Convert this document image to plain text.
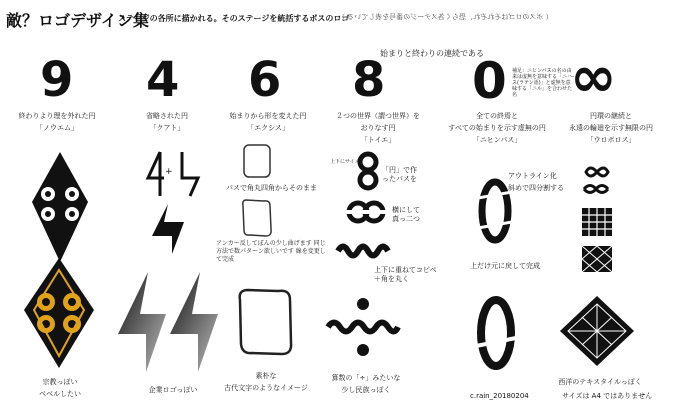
敵？ロゴデザイン集
ステージの各所に描かれる。そのステージを統括するボスのロゴ
（ ボスのロゴはそれぞれ、恐らく各ステージの番号を表している ）
始まりと終わりの連続である
9 4 6 8 0 ∞
補足：ニヒンパスの名の由来は虚無を意味する「ニハ-ス(ラテン語)」と虚無を意味する「ニル」を合わせた名
終わりより理を外れた円
「ノウエム」
省略された円
「クアト」
始まりから形を変えた円
「エクシス」
２つの世界（謂つ世界）を
おりなす円
「トイエ」
全ての終焉と
すべての始まりを示す虚無の円
「ニヒンパス」
円環の継続と
永遠の輪廻を示す無限の円
「ウロボロス」
宗教っぽい
ベベルしたい
+
企業ロゴっぽい
パスで角丸四角からそのまま
アンカー反してぼんの少し曲げます 同じ方法で数パターン欲しいです 線を変更して完成
素朴な
古代文字のようなイメージ
上下にサイズ
「円」で作ったパスを
横にして真っ二つ
上下に重ねてコピペ＋角を丸く
算数の「÷」みたいな
少し民族っぽく
アウトライン化
斜めで四分割する
上だけ元に戻して完成
c.rain_20180204
西洋のテキスタイルっぽく
サイズは A4 ではありません
